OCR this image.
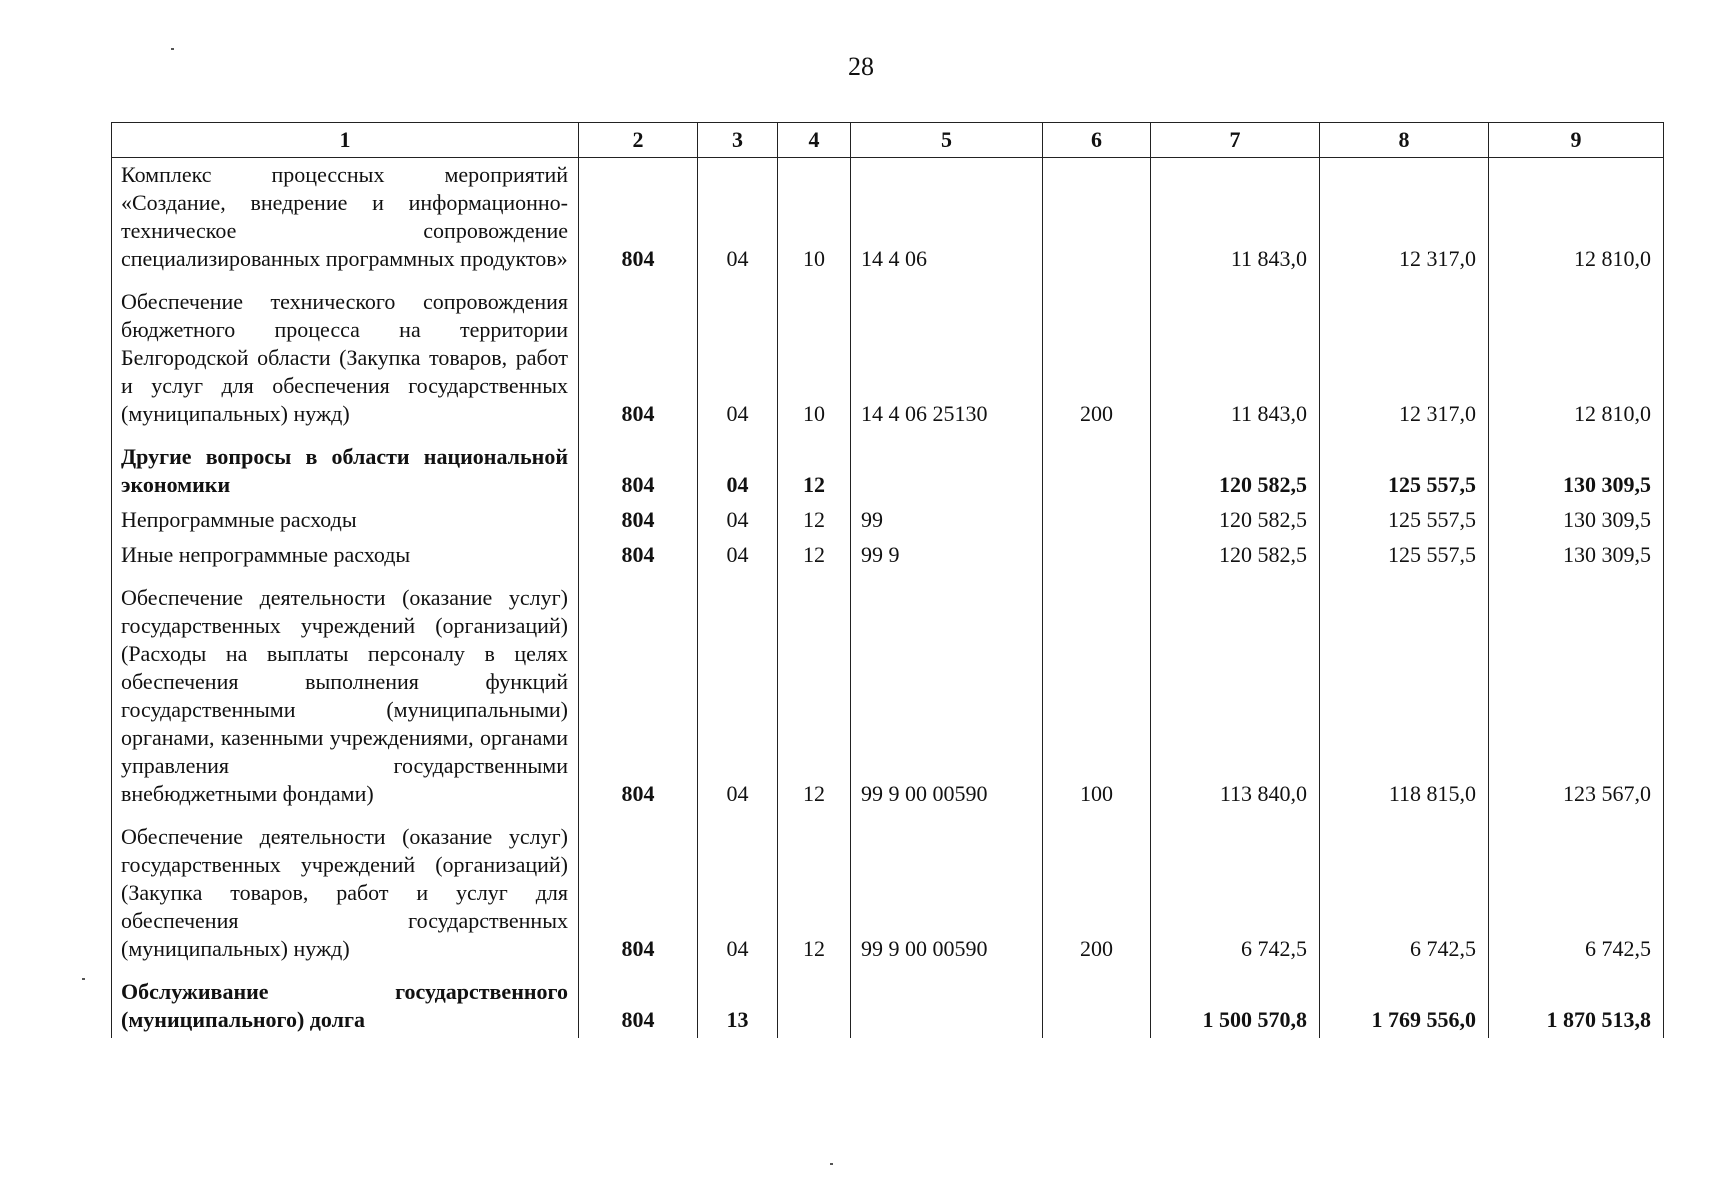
28
1	2	3	4	5	6	7	8	9
Комплекс процессных мероприятий «Создание, внедрение и информационно-техническое сопровождение специализированных программных продуктов»	804	04	10	14 4 06		11 843,0	12 317,0	12 810,0

Обеспечение технического сопровождения бюджетного процесса на территории Белгородской области (Закупка товаров, работ и услуг для обеспечения государственных (муниципальных) нужд)	804	04	10	14 4 06 25130	200	11 843,0	12 317,0	12 810,0

Другие вопросы в области национальной экономики	804	04	12			120 582,5	125 557,5	130 309,5
Непрограммные расходы	804	04	12	99		120 582,5	125 557,5	130 309,5
Иные непрограммные расходы	804	04	12	99 9		120 582,5	125 557,5	130 309,5

Обеспечение деятельности (оказание услуг) государственных учреждений (организаций) (Расходы на выплаты персоналу в целях обеспечения выполнения функций государственными (муниципальными) органами, казенными учреждениями, органами управления государственными внебюджетными фондами)	804	04	12	99 9 00 00590	100	113 840,0	118 815,0	123 567,0

Обеспечение деятельности (оказание услуг) государственных учреждений (организаций) (Закупка товаров, работ и услуг для обеспечения государственных (муниципальных) нужд)	804	04	12	99 9 00 00590	200	6 742,5	6 742,5	6 742,5

Обслуживание государственного (муниципального) долга	804	13				1 500 570,8	1 769 556,0	1 870 513,8
